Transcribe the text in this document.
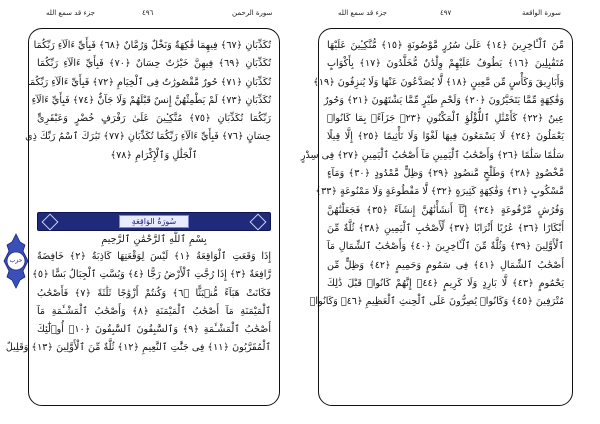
جزء قد سمع الله	٤٩٦	سورة الرحمن	جزء قد سمع الله	٤٩٧	سورة الواقعة
تُكَذِّبَانِ ﴿٦٧﴾ فِيهِمَا فَٰكِهَةٌ وَنَخْلٌ وَرُمَّانٌ ﴿٦٨﴾ فَبِأَيِّ ءَالَآءِ رَبِّكُمَا
تُكَذِّبَانِ ﴿٦٩﴾ فِيهِنَّ خَيْرَٰتٌ حِسَانٌ ﴿٧٠﴾ فَبِأَيِّ ءَالَآءِ رَبِّكُمَا
تُكَذِّبَانِ ﴿٧١﴾ حُورٌ مَّقْصُورَٰتٌ فِى ٱلْخِيَامِ ﴿٧٢﴾ فَبِأَيِّ ءَالَآءِ رَبِّكُمَا
تُكَذِّبَانِ ﴿٧٣﴾ لَمْ يَطْمِثْهُنَّ إِنسٌ قَبْلَهُمْ وَلَا جَآنٌّ ﴿٧٤﴾ فَبِأَيِّ ءَالَآءِ
رَبِّكُمَا تُكَذِّبَانِ ﴿٧٥﴾ مُتَّكِـِٔينَ عَلَىٰ رَفْرَفٍ خُضْرٍ وَعَبْقَرِىٍّ
حِسَانٍ ﴿٧٦﴾ فَبِأَيِّ ءَالَآءِ رَبِّكُمَا تُكَذِّبَانِ ﴿٧٧﴾ تَبَٰرَكَ ٱسْمُ رَبِّكَ ذِى
ٱلْجَلَٰلِ وَٱلْإِكْرَامِ ﴿٧٨﴾
سُورَةُ الوَاقِعَةِ
بِسْمِ ٱللَّهِ ٱلرَّحْمَٰنِ ٱلرَّحِيمِ
إِذَا وَقَعَتِ ٱلْوَاقِعَةُ ﴿١﴾ لَيْسَ لِوَقْعَتِهَا كَاذِبَةٌ ﴿٢﴾ خَافِضَةٌ
رَّافِعَةٌ ﴿٣﴾ إِذَا رُجَّتِ ٱلْأَرْضُ رَجًّا ﴿٤﴾ وَبُسَّتِ ٱلْجِبَالُ بَسًّا ﴿٥﴾
فَكَانَتْ هَبَآءً مُّنۢبَثًّا ﴿٦﴾ وَكُنتُمْ أَزْوَٰجًا ثَلَٰثَةً ﴿٧﴾ فَأَصْحَٰبُ
ٱلْمَيْمَنَةِ مَآ أَصْحَٰبُ ٱلْمَيْمَنَةِ ﴿٨﴾ وَأَصْحَٰبُ ٱلْمَشْـَٔمَةِ مَآ
أَصْحَٰبُ ٱلْمَشْـَٔمَةِ ﴿٩﴾ وَٱلسَّٰبِقُونَ ٱلسَّٰبِقُونَ ﴿١٠﴾ أُو۟لَٰٓئِكَ
ٱلْمُقَرَّبُونَ ﴿١١﴾ فِى جَنَّٰتِ ٱلنَّعِيمِ ﴿١٢﴾ ثُلَّةٌ مِّنَ ٱلْأَوَّلِينَ ﴿١٣﴾ وَقَلِيلٌ
مِّنَ ٱلْـَٔاخِرِينَ ﴿١٤﴾ عَلَىٰ سُرُرٍ مَّوْضُونَةٍ ﴿١٥﴾ مُّتَّكِـِٔينَ عَلَيْهَا
مُتَقَٰبِلِينَ ﴿١٦﴾ يَطُوفُ عَلَيْهِمْ وِلْدَٰنٌ مُّخَلَّدُونَ ﴿١٧﴾ بِأَكْوَابٍ
وَأَبَارِيقَ وَكَأْسٍ مِّن مَّعِينٍ ﴿١٨﴾ لَّا يُصَدَّعُونَ عَنْهَا وَلَا يُنزِفُونَ ﴿١٩﴾
وَفَٰكِهَةٍ مِّمَّا يَتَخَيَّرُونَ ﴿٢٠﴾ وَلَحْمِ طَيْرٍ مِّمَّا يَشْتَهُونَ ﴿٢١﴾ وَحُورٌ
عِينٌ ﴿٢٢﴾ كَأَمْثَٰلِ ٱللُّؤْلُؤِ ٱلْمَكْنُونِ ﴿٢٣﴾ جَزَآءًۢ بِمَا كَانُوا۟
يَعْمَلُونَ ﴿٢٤﴾ لَا يَسْمَعُونَ فِيهَا لَغْوًا وَلَا تَأْثِيمًا ﴿٢٥﴾ إِلَّا قِيلًا
سَلَٰمًا سَلَٰمًا ﴿٢٦﴾ وَأَصْحَٰبُ ٱلْيَمِينِ مَآ أَصْحَٰبُ ٱلْيَمِينِ ﴿٢٧﴾ فِى سِدْرٍ
مَّخْضُودٍ ﴿٢٨﴾ وَطَلْحٍ مَّنضُودٍ ﴿٢٩﴾ وَظِلٍّ مَّمْدُودٍ ﴿٣٠﴾ وَمَآءٍ
مَّسْكُوبٍ ﴿٣١﴾ وَفَٰكِهَةٍ كَثِيرَةٍ ﴿٣٢﴾ لَّا مَقْطُوعَةٍ وَلَا مَمْنُوعَةٍ ﴿٣٣﴾
وَفُرُشٍ مَّرْفُوعَةٍ ﴿٣٤﴾ إِنَّآ أَنشَأْنَٰهُنَّ إِنشَآءً ﴿٣٥﴾ فَجَعَلْنَٰهُنَّ
أَبْكَارًا ﴿٣٦﴾ عُرُبًا أَتْرَابًا ﴿٣٧﴾ لِّأَصْحَٰبِ ٱلْيَمِينِ ﴿٣٨﴾ ثُلَّةٌ مِّنَ
ٱلْأَوَّلِينَ ﴿٣٩﴾ وَثُلَّةٌ مِّنَ ٱلْـَٔاخِرِينَ ﴿٤٠﴾ وَأَصْحَٰبُ ٱلشِّمَالِ مَآ
أَصْحَٰبُ ٱلشِّمَالِ ﴿٤١﴾ فِى سَمُومٍ وَحَمِيمٍ ﴿٤٢﴾ وَظِلٍّ مِّن
يَحْمُومٍ ﴿٤٣﴾ لَّا بَارِدٍ وَلَا كَرِيمٍ ﴿٤٤﴾ إِنَّهُمْ كَانُوا۟ قَبْلَ ذَٰلِكَ
مُتْرَفِينَ ﴿٤٥﴾ وَكَانُوا۟ يُصِرُّونَ عَلَى ٱلْحِنثِ ٱلْعَظِيمِ ﴿٤٦﴾ وَكَانُوا۟
حزب
